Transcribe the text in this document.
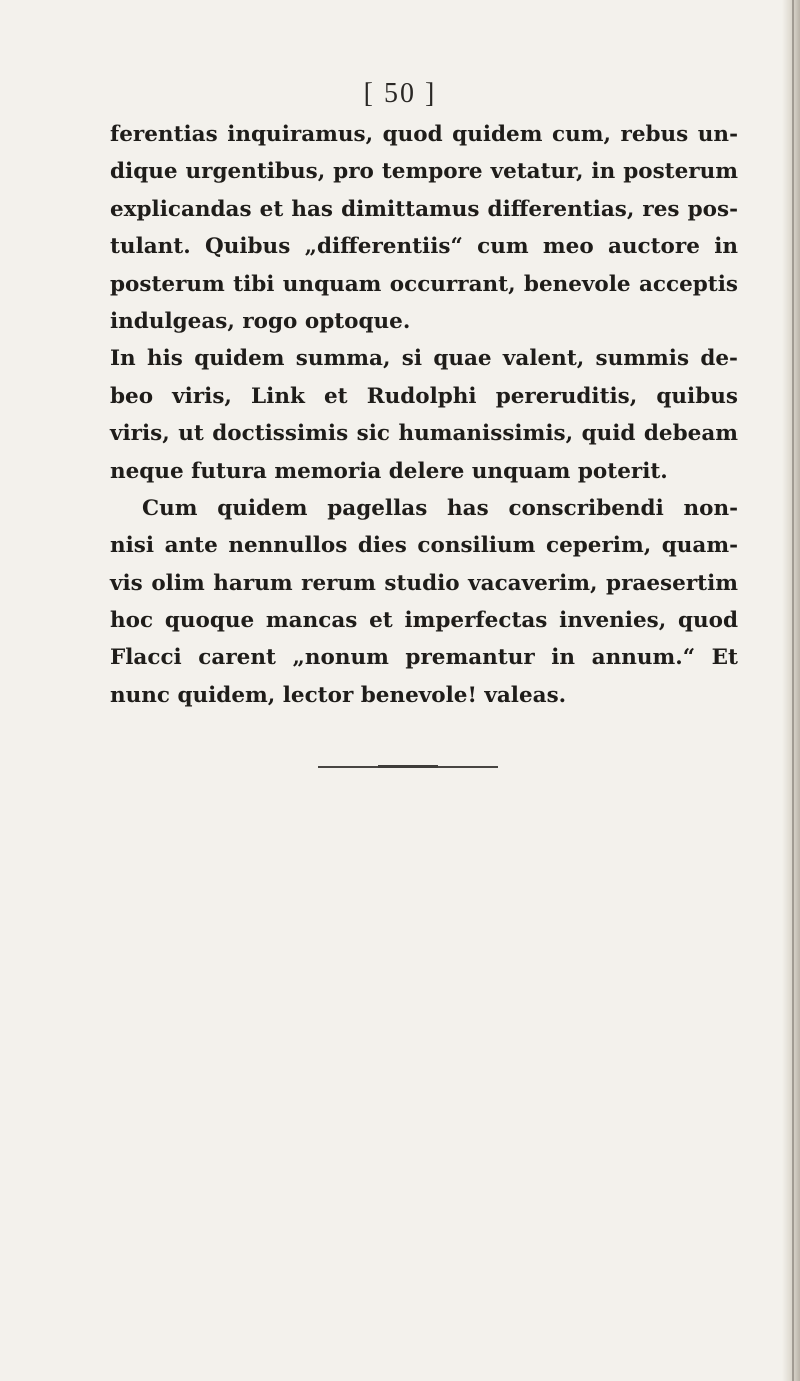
[ 50 ]
ferentias inquiramus, quod quidem cum, rebus un-
dique urgentibus, pro tempore vetatur, in posterum
explicandas et has dimittamus differentias, res pos-
tulant. Quibus „differentiis“ cum meo auctore in
posterum tibi unquam occurrant, benevole acceptis
indulgeas, rogo optoque.
In his quidem summa, si quae valent, summis de-
beo viris, Link et Rudolphi pereruditis, quibus
viris, ut doctissimis sic humanissimis, quid debeam
neque futura memoria delere unquam poterit.
Cum quidem pagellas has conscribendi non-
nisi ante nennullos dies consilium ceperim, quam-
vis olim harum rerum studio vacaverim, praesertim
hoc quoque mancas et imperfectas invenies, quod
Flacci carent „nonum premantur in annum.“ Et
nunc quidem, lector benevole! valeas.
